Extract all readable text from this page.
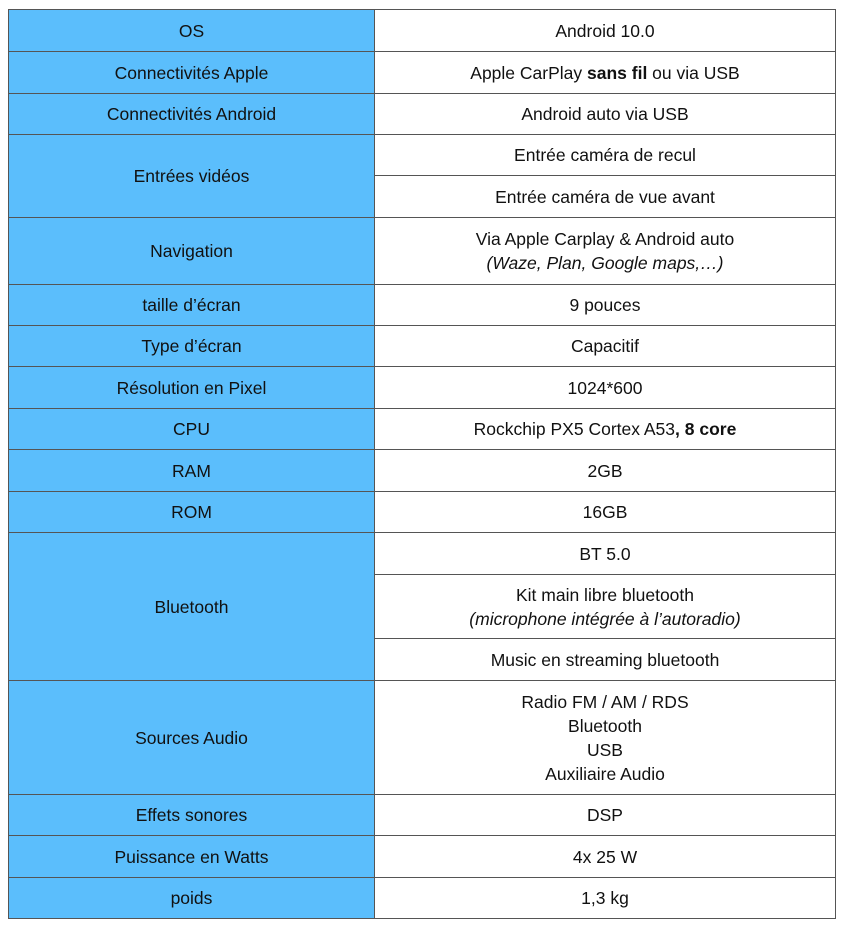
OS	Android 10.0
Connectivités Apple	Apple CarPlay sans fil ou via USB
Connectivités Android	Android auto via USB
Entrées vidéos	Entrée caméra de recul
	Entrée caméra de vue avant
Navigation	Via Apple Carplay & Android auto
(Waze, Plan, Google maps,…)

taille d’écran	9 pouces
Type d’écran	Capacitif
Résolution en Pixel	1024*600
CPU	Rockchip PX5 Cortex A53, 8 core
RAM	2GB
ROM	16GB
Bluetooth	BT 5.0

	Kit main libre bluetooth
(microphone intégrée à l’autoradio)

	Music en streaming bluetooth
Sources Audio	Radio FM / AM / RDS
Bluetooth
USB
Auxiliaire Audio

Effets sonores	DSP
Puissance en Watts	4x 25 W
poids	1,3 kg
